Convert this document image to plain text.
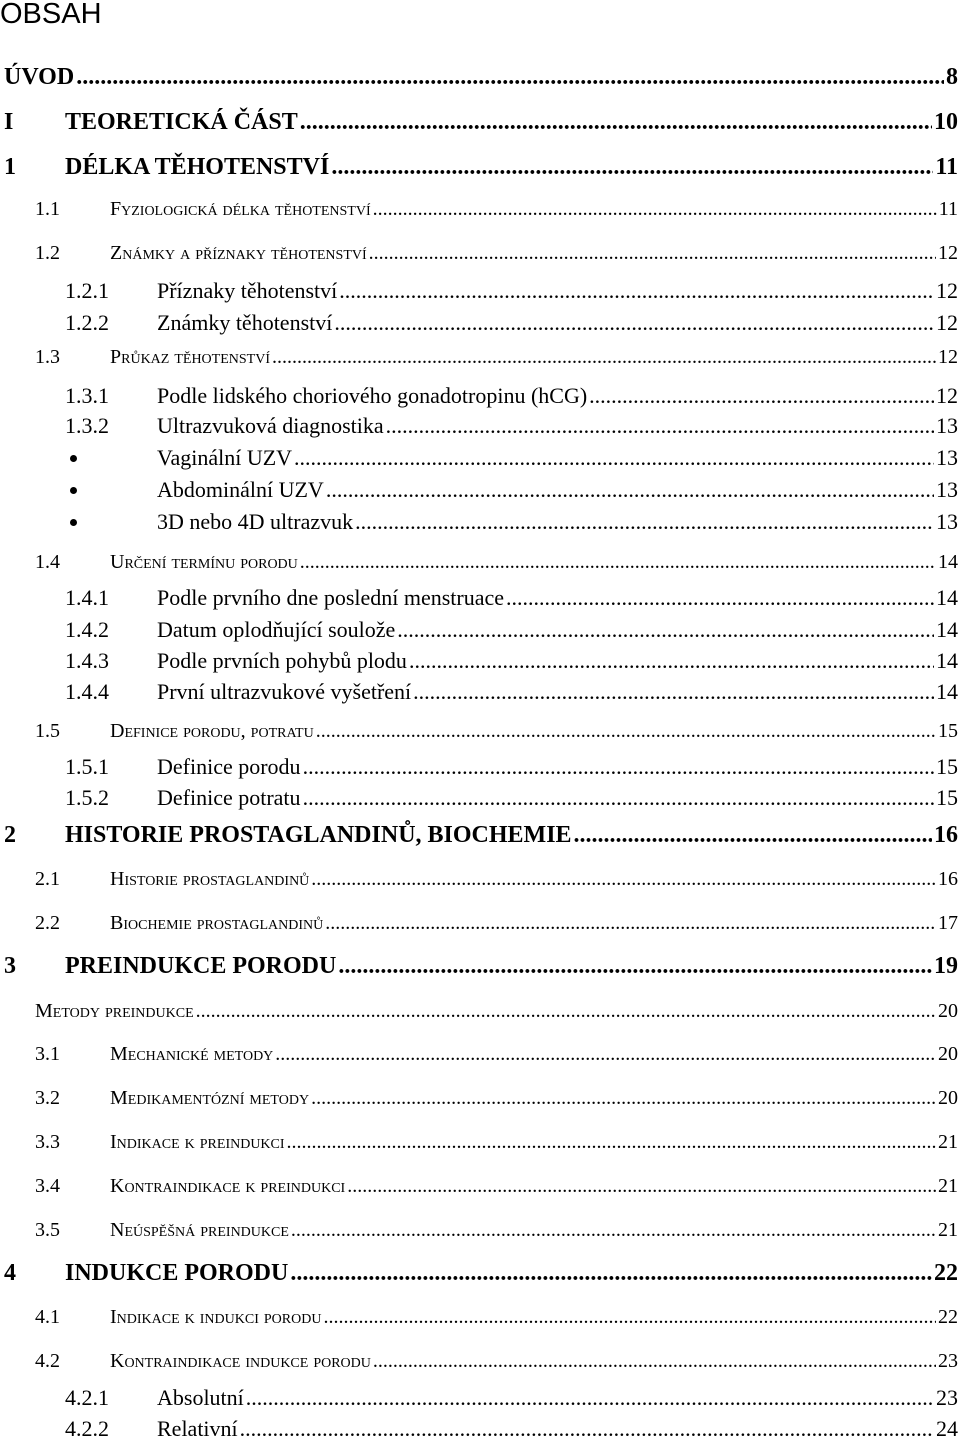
OBSAH
ÚVOD .....	8
I TEORETICKÁ ČÁST .....	10
1 DÉLKA TĚHOTENSTVÍ .....	11
1.1	Fyziologická délka těhotenství .....	11
1.2	Známky a příznaky těhotenství .....	12
1.2.1 Příznaky těhotenství .....	12
1.2.2 Známky těhotenství .....	12
1.3	Průkaz těhotenství .....	12
1.3.1 Podle lidského choriového gonadotropinu (hCG) .....	12
1.3.2 Ultrazvuková diagnostika .....	13
Vaginální UZV .....	13
Abdominální UZV .....	13
3D nebo 4D ultrazvuk .....	13
1.4	Určení termínu porodu .....	14
1.4.1 Podle prvního dne poslední menstruace .....	14
1.4.2 Datum oplodňující soulože .....	14
1.4.3 Podle prvních pohybů plodu .....	14
1.4.4 První ultrazvukové vyšetření .....	14
1.5	Definice porodu, potratu .....	15
1.5.1 Definice porodu .....	15
1.5.2 Definice potratu .....	15
2 HISTORIE PROSTAGLANDINŮ, BIOCHEMIE .....	16
2.1	Historie prostaglandinů .....	16
2.2	Biochemie prostaglandinů .....	17
3 PREINDUKCE PORODU .....	19
Metody preindukce .....	20
3.1	Mechanické metody .....	20
3.2	Medikamentózní metody .....	20
3.3	Indikace k preindukci .....	21
3.4	Kontraindikace k preindukci .....	21
3.5	Neúspěšná preindukce .....	21
4 INDUKCE PORODU .....	22
4.1	Indikace k indukci porodu .....	22
4.2	Kontraindikace indukce porodu .....	23
4.2.1 Absolutní .....	23
4.2.2 Relativní .....	24
